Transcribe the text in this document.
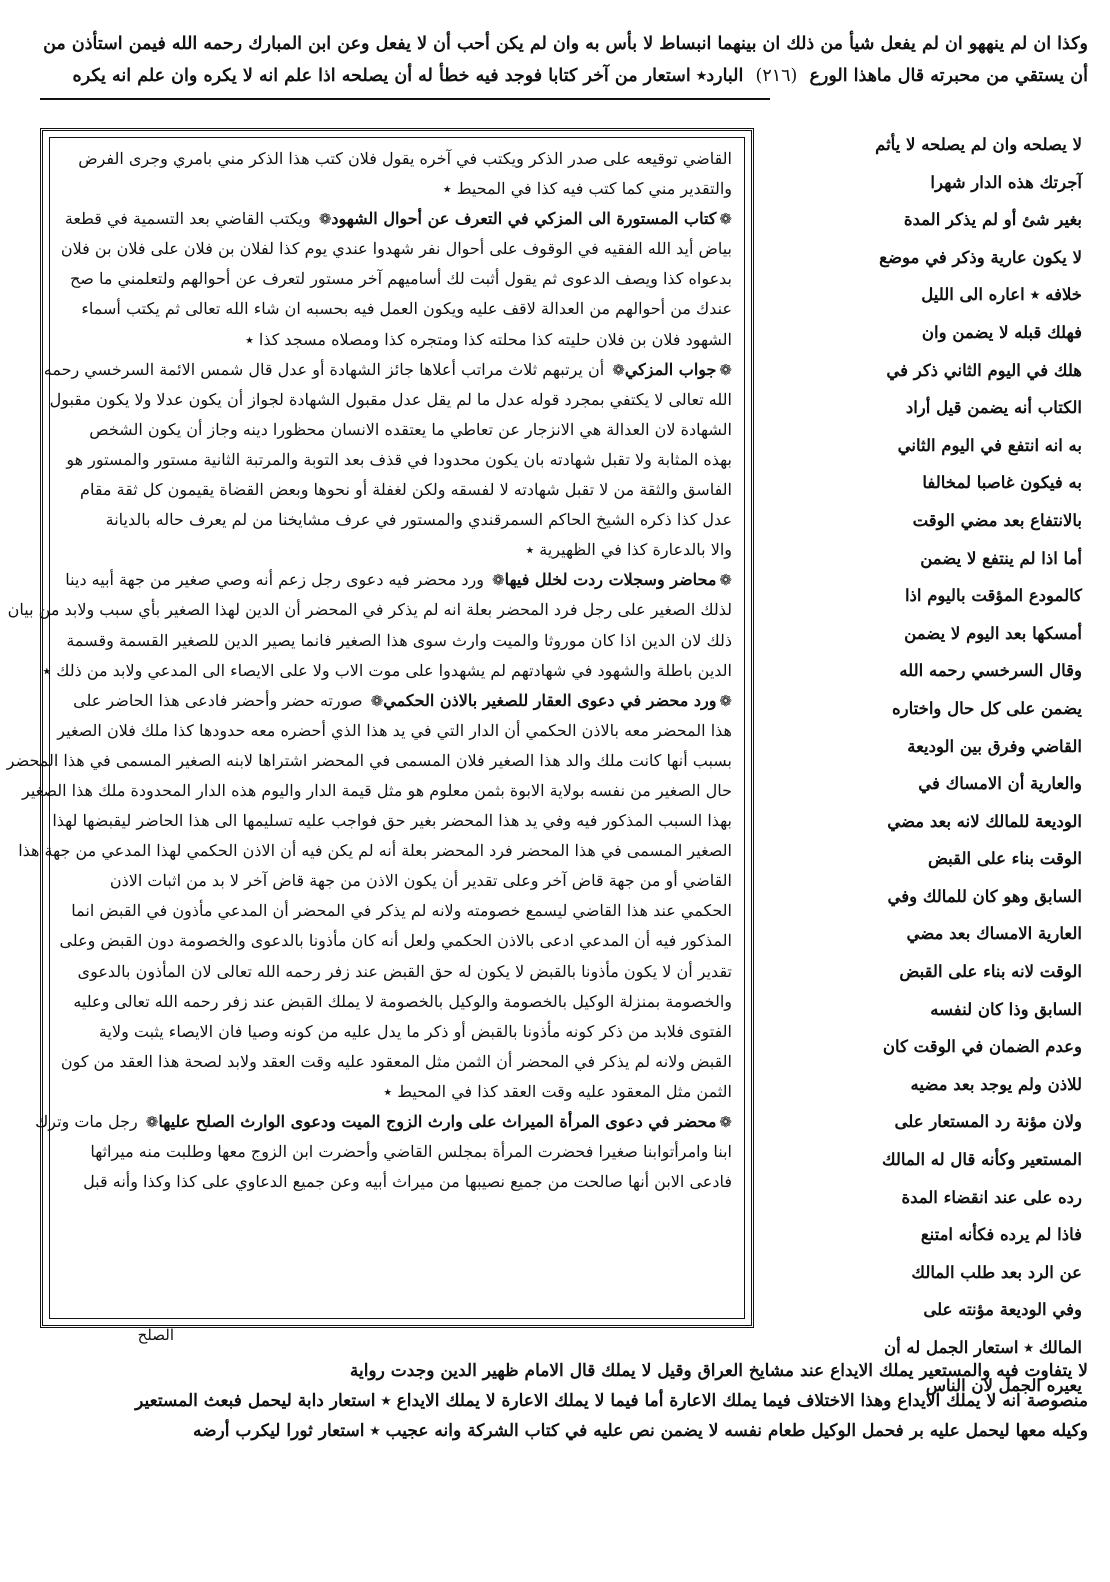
وكذا ان لم ينههو ان لم يفعل شيأ من ذلك ان بينهما انبساط لا بأس به وان لم يكن أحب أن لا يفعل وعن ابن المبارك رحمه الله فيمن استأذن من
أن يستقي من محبرته قال ماهذا الورع (٢١٦) البارد٭ استعار من آخر كتابا فوجد فيه خطأ له أن يصلحه اذا علم انه لا يكره وان علم انه يكره
لا يصلحه وان لم يصلحه لا يأثم
آجرتك هذه الدار شهرا
بغير شئ أو لم يذكر المدة
لا يكون عارية وذكر في موضع
خلافه ٭ اعاره الى الليل
فهلك قبله لا يضمن وان
هلك في اليوم الثاني ذكر في
الكتاب أنه يضمن قيل أراد
به انه انتفع في اليوم الثاني
به فيكون غاصبا لمخالفا
بالانتفاع بعد مضي الوقت
أما اذا لم ينتفع لا يضمن
كالمودع المؤقت باليوم اذا
أمسكها بعد اليوم لا يضمن
وقال السرخسي رحمه الله
يضمن على كل حال واختاره
القاضي وفرق بين الوديعة
والعارية أن الامساك في
الوديعة للمالك لانه بعد مضي
الوقت بناء على القبض
السابق وهو كان للمالك وفي
العارية الامساك بعد مضي
الوقت لانه بناء على القبض
السابق وذا كان لنفسه
وعدم الضمان في الوقت كان
للاذن ولم يوجد بعد مضيه
ولان مؤنة رد المستعار على
المستعير وكأنه قال له المالك
رده على عند انقضاء المدة
فاذا لم يرده فكأنه امتنع
عن الرد بعد طلب المالك
وفي الوديعة مؤنته على
المالك ٭ استعار الجمل له أن
يعيره الجمل لان الناس

القاضي توقيعه على صدر الذكر ويكتب في آخره يقول فلان كتب هذا الذكر مني بامري وجرى الفرض
والتقدير مني كما كتب فيه كذا في المحيط ٭

❁كتاب المستورة الى المزكي في التعرف عن أحوال الشهود❁ ويكتب القاضي بعد التسمية في قطعة
بياض أيد الله الفقيه في الوقوف على أحوال نفر شهدوا عندي يوم كذا لفلان بن فلان على فلان بن فلان
بدعواه كذا ويصف الدعوى ثم يقول أثبت لك أساميهم آخر مستور لتعرف عن أحوالهم ولتعلمني ما صح
عندك من أحوالهم من العدالة لاقف عليه ويكون العمل فيه بحسبه ان شاء الله تعالى ثم يكتب أسماء
الشهود فلان بن فلان حليته كذا محلته كذا ومتجره كذا ومصلاه مسجد كذا ٭

❁جواب المزكي❁ أن يرتبهم ثلاث مراتب أعلاها جائز الشهادة أو عدل قال شمس الائمة السرخسي رحمه
الله تعالى لا يكتفي بمجرد قوله عدل ما لم يقل عدل مقبول الشهادة لجواز أن يكون عدلا ولا يكون مقبول
الشهادة لان العدالة هي الانزجار عن تعاطي ما يعتقده الانسان محظورا دينه وجاز أن يكون الشخص
بهذه المثابة ولا تقبل شهادته بان يكون محدودا في قذف بعد التوبة والمرتبة الثانية مستور والمستور هو
الفاسق والثقة من لا تقبل شهادته لا لفسقه ولكن لغفلة أو نحوها وبعض القضاة يقيمون كل ثقة مقام
عدل كذا ذكره الشيخ الحاكم السمرقندي والمستور في عرف مشايخنا من لم يعرف حاله بالديانة
والا بالدعارة كذا في الظهيرية ٭

❁محاضر وسجلات ردت لخلل فيها❁ ورد محضر فيه دعوى رجل زعم أنه وصي صغير من جهة أبيه دينا
لذلك الصغير على رجل فرد المحضر بعلة انه لم يذكر في المحضر أن الدين لهذا الصغير بأي سبب ولابد من بيان
ذلك لان الدين اذا كان موروثا والميت وارث سوى هذا الصغير فانما يصير الدين للصغير القسمة وقسمة
الدين باطلة والشهود في شهادتهم لم يشهدوا على موت الاب ولا على الايصاء الى المدعي ولابد من ذلك ٭

❁ورد محضر في دعوى العقار للصغير بالاذن الحكمي❁ صورته حضر وأحضر فادعى هذا الحاضر على
هذا المحضر معه بالاذن الحكمي أن الدار التي في يد هذا الذي أحضره معه حدودها كذا ملك فلان الصغير
بسبب أنها كانت ملك والد هذا الصغير فلان المسمى في المحضر اشتراها لابنه الصغير المسمى في هذا المحضر
حال الصغير من نفسه بولاية الابوة بثمن معلوم هو مثل قيمة الدار واليوم هذه الدار المحدودة ملك هذا الصغير
بهذا السبب المذكور فيه وفي يد هذا المحضر بغير حق فواجب عليه تسليمها الى هذا الحاضر ليقبضها لهذا
الصغير المسمى في هذا المحضر فرد المحضر بعلة أنه لم يكن فيه أن الاذن الحكمي لهذا المدعي من جهة هذا
القاضي أو من جهة قاض آخر وعلى تقدير أن يكون الاذن من جهة قاض آخر لا بد من اثبات الاذن
الحكمي عند هذا القاضي ليسمع خصومته ولانه لم يذكر في المحضر أن المدعي مأذون في القبض انما
المذكور فيه أن المدعي ادعى بالاذن الحكمي ولعل أنه كان مأذونا بالدعوى والخصومة دون القبض وعلى
تقدير أن لا يكون مأذونا بالقبض لا يكون له حق القبض عند زفر رحمه الله تعالى لان المأذون بالدعوى
والخصومة بمنزلة الوكيل بالخصومة والوكيل بالخصومة لا يملك القبض عند زفر رحمه الله تعالى وعليه
الفتوى فلابد من ذكر كونه مأذونا بالقبض أو ذكر ما يدل عليه من كونه وصيا فان الايصاء يثبت ولاية
القبض ولانه لم يذكر في المحضر أن الثمن مثل المعقود عليه وقت العقد ولابد لصحة هذا العقد من كون
الثمن مثل المعقود عليه وقت العقد كذا في المحيط ٭

❁محضر في دعوى المرأة الميراث على وارث الزوج الميت ودعوى الوارث الصلح عليها❁ رجل مات وترك
ابنا وامرأتوابنا صغيرا فحضرت المرأة بمجلس القاضي وأحضرت ابن الزوج معها وطلبت منه ميراثها
فادعى الابن أنها صالحت من جميع نصيبها من ميراث أبيه وعن جميع الدعاوي على كذا وكذا وأنه قبل

الصلح
لا يتفاوت فيه والمستعير يملك الايداع عند مشايخ العراق وقيل لا يملك قال الامام ظهير الدين وجدت رواية
منصوصة انه لا يملك الايداع وهذا الاختلاف فيما يملك الاعارة أما فيما لا يملك الاعارة لا يملك الايداع ٭ استعار دابة ليحمل فبعث المستعير
وكيله معها ليحمل عليه بر فحمل الوكيل طعام نفسه لا يضمن نص عليه في كتاب الشركة وانه عجيب ٭ استعار ثورا ليكرب أرضه
